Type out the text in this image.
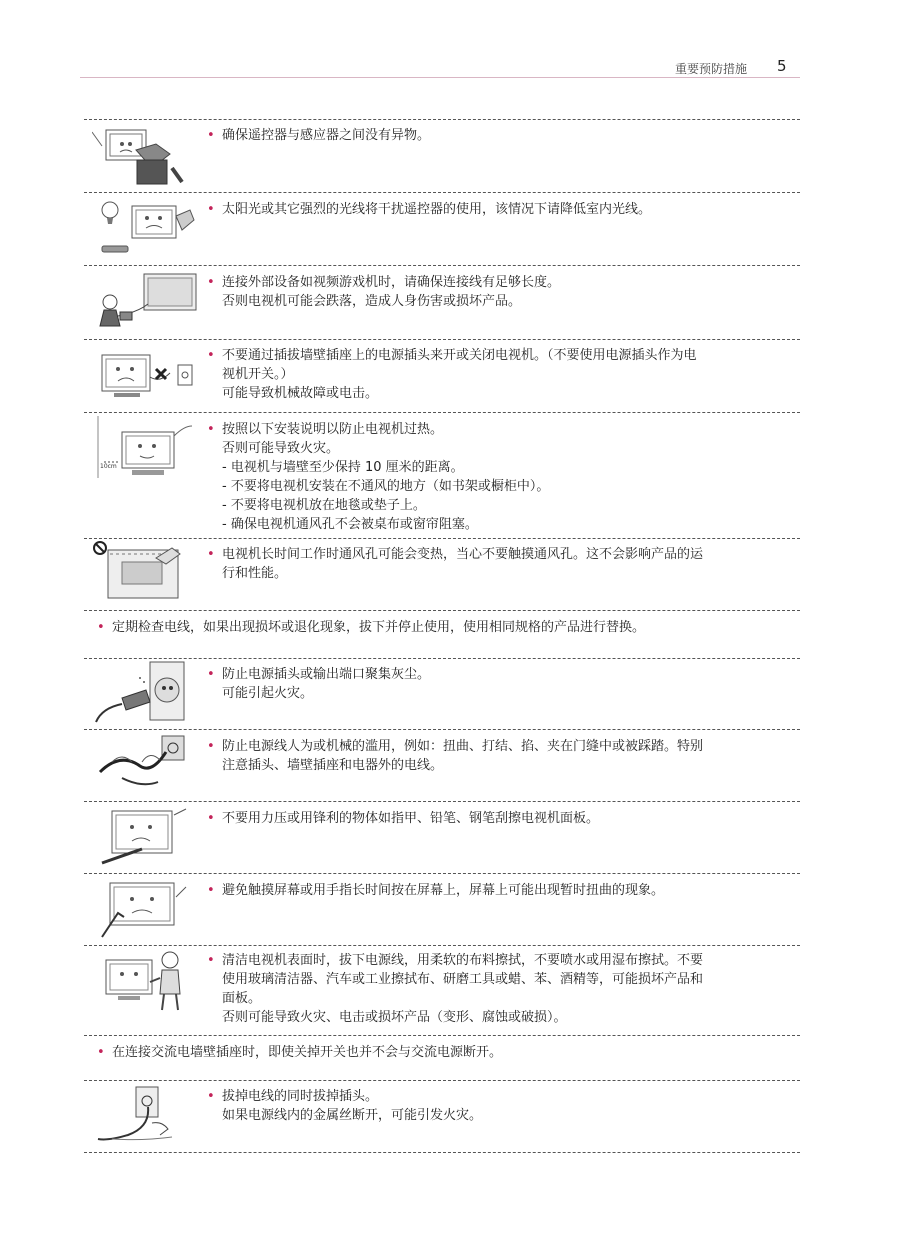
重要预防措施 5
• 确保遥控器与感应器之间没有异物。
• 太阳光或其它强烈的光线将干扰遥控器的使用，该情况下请降低室内光线。
• 连接外部设备如视频游戏机时，请确保连接线有足够长度。
否则电视机可能会跌落，造成人身伤害或损坏产品。
• 不要通过插拔墙壁插座上的电源插头来开或关闭电视机。（不要使用电源插头作为电
视机开关。）
可能导致机械故障或电击。
10cm
• 按照以下安装说明以防止电视机过热。
否则可能导致火灾。
- 电视机与墙壁至少保持 10 厘米的距离。
- 不要将电视机安装在不通风的地方（如书架或橱柜中）。
- 不要将电视机放在地毯或垫子上。
- 确保电视机通风孔不会被桌布或窗帘阻塞。
• 电视机长时间工作时通风孔可能会变热，当心不要触摸通风孔。这不会影响产品的运
行和性能。
• 定期检查电线，如果出现损坏或退化现象，拔下并停止使用，使用相同规格的产品进行替换。
• 防止电源插头或输出端口聚集灰尘。
可能引起火灾。
• 防止电源线人为或机械的滥用，例如：扭曲、打结、掐、夹在门缝中或被踩踏。特别
注意插头、墙壁插座和电器外的电线。
• 不要用力压或用锋利的物体如指甲、铅笔、钢笔刮擦电视机面板。
• 避免触摸屏幕或用手指长时间按在屏幕上，屏幕上可能出现暂时扭曲的现象。
• 清洁电视机表面时，拔下电源线，用柔软的布料擦拭，不要喷水或用湿布擦拭。不要
使用玻璃清洁器、汽车或工业擦拭布、研磨工具或蜡、苯、酒精等，可能损坏产品和
面板。
否则可能导致火灾、电击或损坏产品（变形、腐蚀或破损）。
• 在连接交流电墙壁插座时，即使关掉开关也并不会与交流电源断开。
• 拔掉电线的同时拔掉插头。
如果电源线内的金属丝断开，可能引发火灾。
